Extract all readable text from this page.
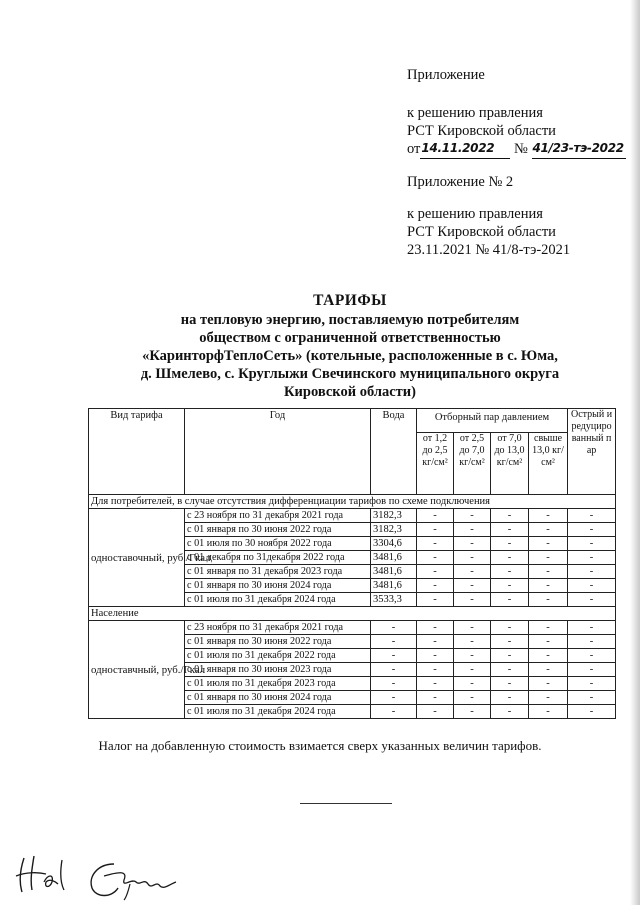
Приложение
к решению правления
РСТ Кировской области
от14.11.2022 № 41/23-тэ-2022
Приложение № 2
к решению правления
РСТ Кировской области
23.11.2021 № 41/8-тэ-2021
ТАРИФЫ
на тепловую энергию, поставляемую потребителям
обществом с ограниченной ответственностью
«КаринторфТеплоСеть» (котельные, расположенные в с. Юма,
д. Шмелево, с. Круглыжи Свечинского муниципального округа
Кировской области)
Вид тарифа	Год	Вода	Отборный пар давлением				Острый и редуцированный пар
			от 1,2 до 2,5 кг/см²	от 2,5 до 7,0 кг/см²	от 7,0 до 13,0 кг/см²	свыше 13,0 кг/см²	
Для потребителей, в случае отсутствия дифференциации тарифов по схеме подключения							
одноставочный, руб./Гкал	с 23 ноября по 31 декабря 2021 года	3182,3	-	-	-	-	-
	с 01 января по 30 июня 2022 года	3182,3	-	-	-	-	-
	с 01 июля по 30 ноября 2022 года	3304,6	-	-	-	-	-
	с 01 декабря по 31декабря 2022 года	3481,6	-	-	-	-	-
	с 01 января по 31 декабря 2023 года	3481,6	-	-	-	-	-
	с 01 января по 30 июня 2024 года	3481,6	-	-	-	-	-
	с 01 июля по 31 декабря 2024 года	3533,3	-	-	-	-	-
Население							
одноставчный, руб./Гкал	с 23 ноября по 31 декабря 2021 года	-	-	-	-	-	-
	с 01 января по 30 июня 2022 года	-	-	-	-	-	-
	с 01 июля по 31 декабря 2022 года	-	-	-	-	-	-
	с 01 января по 30 июня 2023 года	-	-	-	-	-	-
	с 01 июля по 31 декабря 2023 года	-	-	-	-	-	-
	с 01 января по 30 июня 2024 года	-	-	-	-	-	-
	с 01 июля по 31 декабря 2024 года	-	-	-	-	-	-
Налог на добавленную стоимость взимается сверх указанных величин тарифов.
